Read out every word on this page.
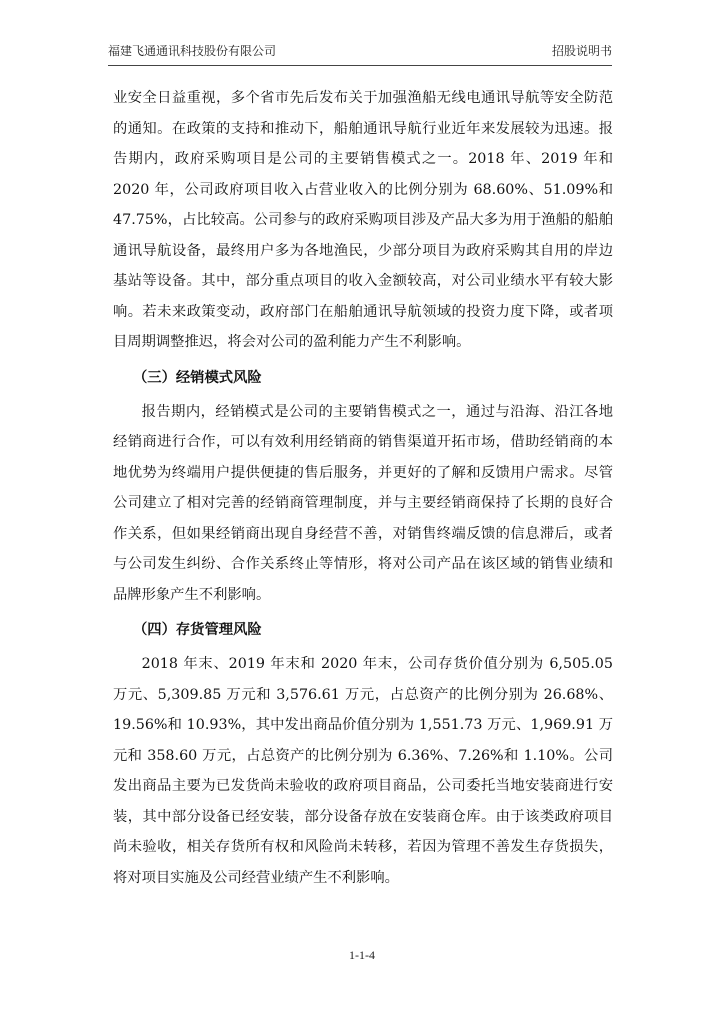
福建飞通通讯科技股份有限公司	招股说明书

业安全日益重视，多个省市先后发布关于加强渔船无线电通讯导航等安全防范的通知。在政策的支持和推动下，船舶通讯导航行业近年来发展较为迅速。报告期内，政府采购项目是公司的主要销售模式之一。2018 年、2019 年和 2020 年，公司政府项目收入占营业收入的比例分别为 68.60%、51.09%和 47.75%，占比较高。公司参与的政府采购项目涉及产品大多为用于渔船的船舶通讯导航设备，最终用户多为各地渔民，少部分项目为政府采购其自用的岸边基站等设备。其中，部分重点项目的收入金额较高，对公司业绩水平有较大影响。若未来政策变动，政府部门在船舶通讯导航领域的投资力度下降，或者项目周期调整推迟，将会对公司的盈利能力产生不利影响。

（三）经销模式风险

报告期内，经销模式是公司的主要销售模式之一，通过与沿海、沿江各地经销商进行合作，可以有效利用经销商的销售渠道开拓市场，借助经销商的本地优势为终端用户提供便捷的售后服务，并更好的了解和反馈用户需求。尽管公司建立了相对完善的经销商管理制度，并与主要经销商保持了长期的良好合作关系，但如果经销商出现自身经营不善，对销售终端反馈的信息滞后，或者与公司发生纠纷、合作关系终止等情形，将对公司产品在该区域的销售业绩和品牌形象产生不利影响。

（四）存货管理风险

2018 年末、2019 年末和 2020 年末，公司存货价值分别为 6,505.05 万元、5,309.85 万元和 3,576.61 万元，占总资产的比例分别为 26.68%、19.56%和 10.93%，其中发出商品价值分别为 1,551.73 万元、1,969.91 万元和 358.60 万元，占总资产的比例分别为 6.36%、7.26%和 1.10%。公司发出商品主要为已发货尚未验收的政府项目商品，公司委托当地安装商进行安装，其中部分设备已经安装，部分设备存放在安装商仓库。由于该类政府项目尚未验收，相关存货所有权和风险尚未转移，若因为管理不善发生存货损失，将对项目实施及公司经营业绩产生不利影响。

1-1-4
